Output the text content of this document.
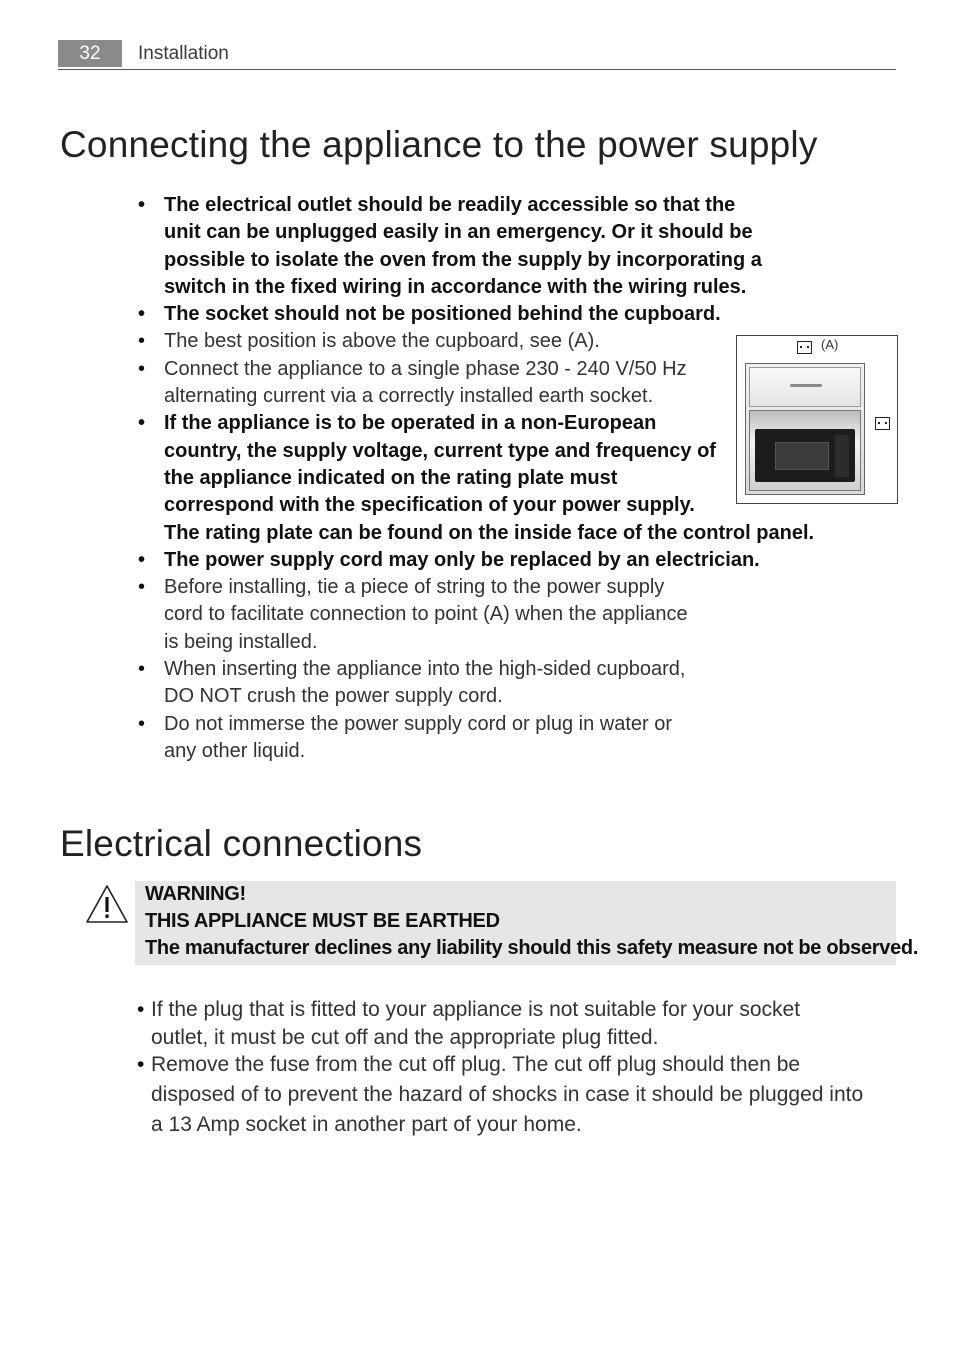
32	Installation
Connecting the appliance to the power supply
• The electrical outlet should be readily accessible so that the
unit can be unplugged easily in an emergency. Or it should be
possible to isolate the oven from the supply by incorporating a
switch in the fixed wiring in accordance with the wiring rules.
• The socket should not be positioned behind the cupboard.
• The best position is above the cupboard, see (A).
• Connect the appliance to a single phase 230 - 240 V/50 Hz
alternating current via a correctly installed earth socket.
• If the appliance is to be operated in a non-European
country, the supply voltage, current type and frequency of
the appliance indicated on the rating plate must
correspond with the specification of your power supply.
The rating plate can be found on the inside face of the control panel.
• The power supply cord may only be replaced by an electrician.
• Before installing, tie a piece of string to the power supply
cord to facilitate connection to point (A) when the appliance
is being installed.
• When inserting the appliance into the high-sided cupboard,
DO NOT crush the power supply cord.
• Do not immerse the power supply cord or plug in water or
any other liquid.
(A)
Electrical connections
WARNING!
THIS APPLIANCE MUST BE EARTHED
The manufacturer declines any liability should this safety measure not be observed.
• If the plug that is fitted to your appliance is not suitable for your socket
outlet, it must be cut off and the appropriate plug fitted.
• Remove the fuse from the cut off plug. The cut off plug should then be
disposed of to prevent the hazard of shocks in case it should be plugged into
a 13 Amp socket in another part of your home.
